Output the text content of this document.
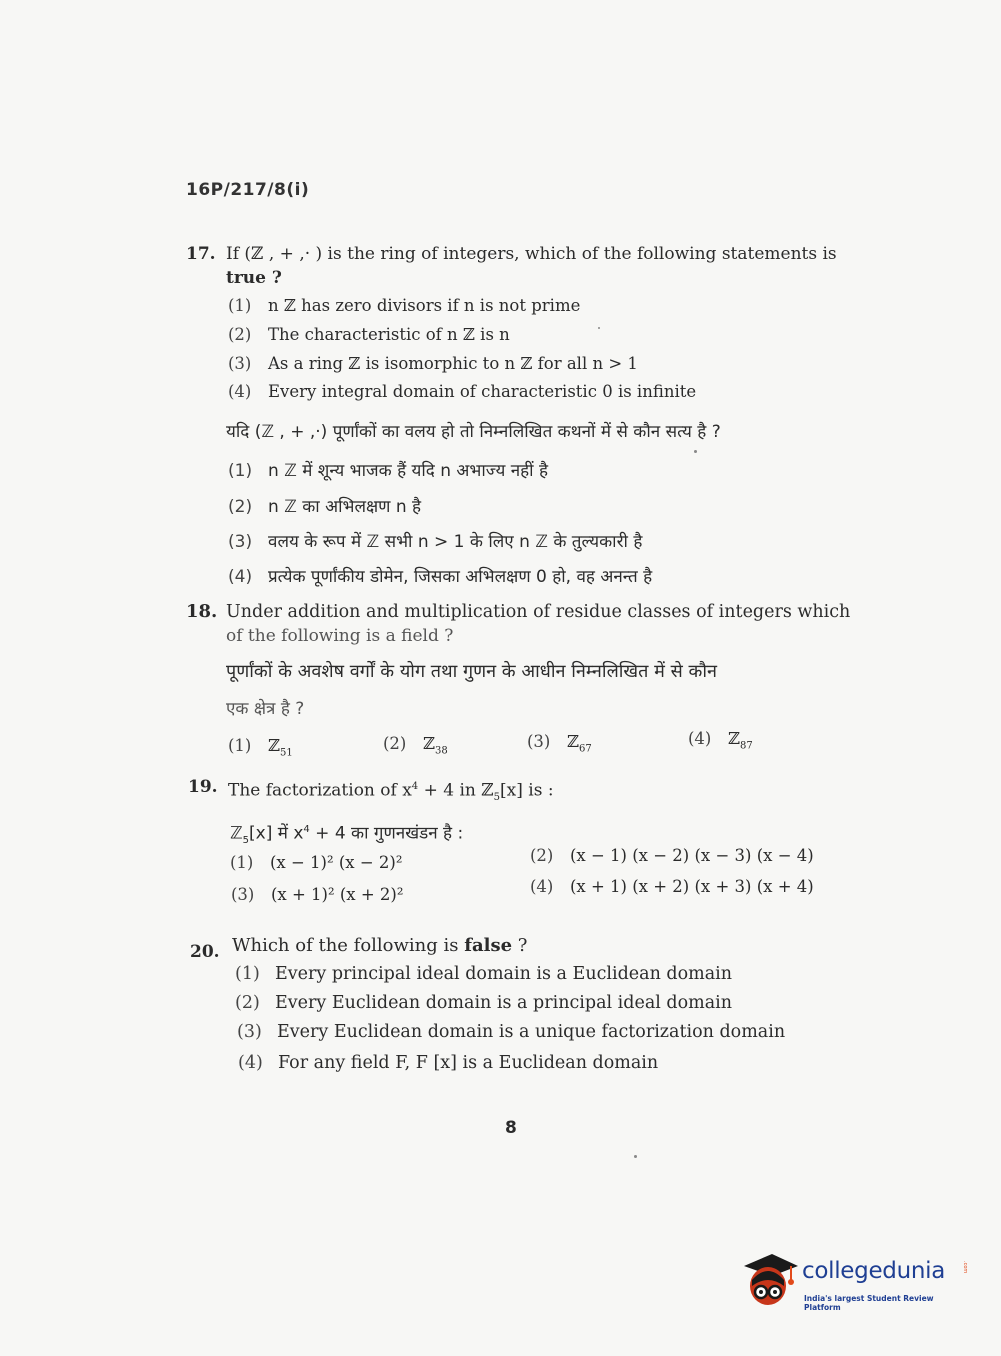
16P/217/8(i)
17. If (ℤ , + ,· ) is the ring of integers, which of the following statements is
true ?
(1) n ℤ has zero divisors if n is not prime
(2) The characteristic of n ℤ is n
(3) As a ring ℤ is isomorphic to n ℤ for all n > 1
(4) Every integral domain of characteristic 0 is infinite
यदि (ℤ , + ,·) पूर्णांकों का वलय हो तो निम्नलिखित कथनों में से कौन सत्य है ?
(1) n ℤ में शून्य भाजक हैं यदि n अभाज्य नहीं है
(2) n ℤ का अभिलक्षण n है
(3) वलय के रूप में ℤ सभी n > 1 के लिए n ℤ के तुल्यकारी है
(4) प्रत्येक पूर्णांकीय डोमेन, जिसका अभिलक्षण 0 हो, वह अनन्त है
18. Under addition and multiplication of residue classes of integers which
of the following is a field ?
पूर्णांकों के अवशेष वर्गों के योग तथा गुणन के आधीन निम्नलिखित में से कौन
एक क्षेत्र है ?
(1) ℤ$_{51}$	(2) ℤ$_{38}$	(3) ℤ$_{67}$
(4) ℤ$_{87}$
19. The factorization of $x^4 + 4$ in ℤ$_5$[x] is :
ℤ$_5$[x] में $x^4 + 4$ का गुणनखंडन है :
(1) (x − 1)² (x − 2)²	(2) (x − 1) (x − 2) (x − 3) (x − 4)
(3) (x + 1)² (x + 2)²	(4) (x + 1) (x + 2) (x + 3) (x + 4)
20. Which of the following is false ?
(1) Every principal ideal domain is a Euclidean domain
(2) Every Euclidean domain is a principal ideal domain
(3) Every Euclidean domain is a unique factorization domain
(4) For any field F, F [x] is a Euclidean domain
8
collegedunia	.com
India's largest Student Review Platform
